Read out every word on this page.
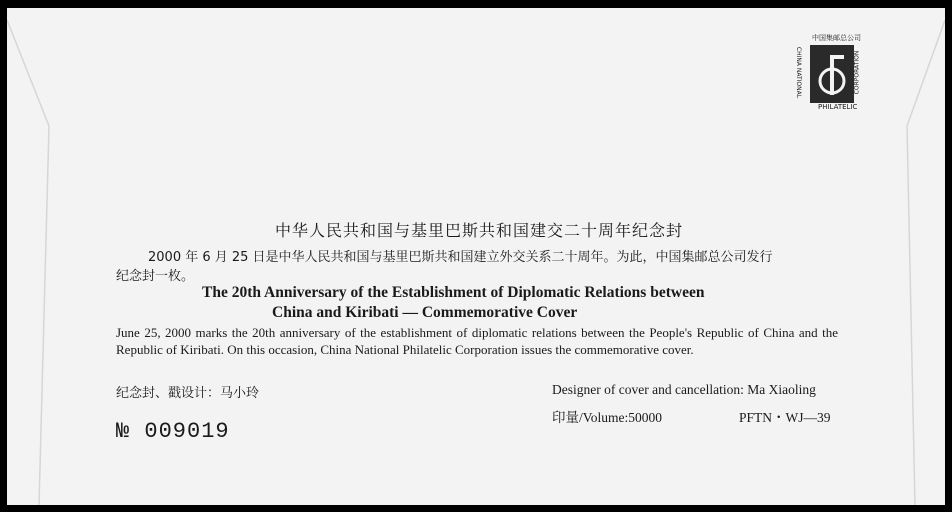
中国集邮总公司
CHINA NATIONAL	CORPORATION
PHILATELIC
中华人民共和国与基里巴斯共和国建交二十周年纪念封
2000 年 6 月 25 日是中华人民共和国与基里巴斯共和国建立外交关系二十周年。为此，中国集邮总公司发行
纪念封一枚。
The 20th Anniversary of the Establishment of Diplomatic Relations between
China and Kiribati — Commemorative Cover
June 25, 2000 marks the 20th anniversary of the establishment of diplomatic relations between the People's Republic of China and the Republic of Kiribati. On this occasion, China National Philatelic Corporation issues the commemorative cover.
纪念封、戳设计：马小玲	Designer of cover and cancellation: Ma Xiaoling
印量/Volume:50000	PFTN・WJ—39
№ 009019
